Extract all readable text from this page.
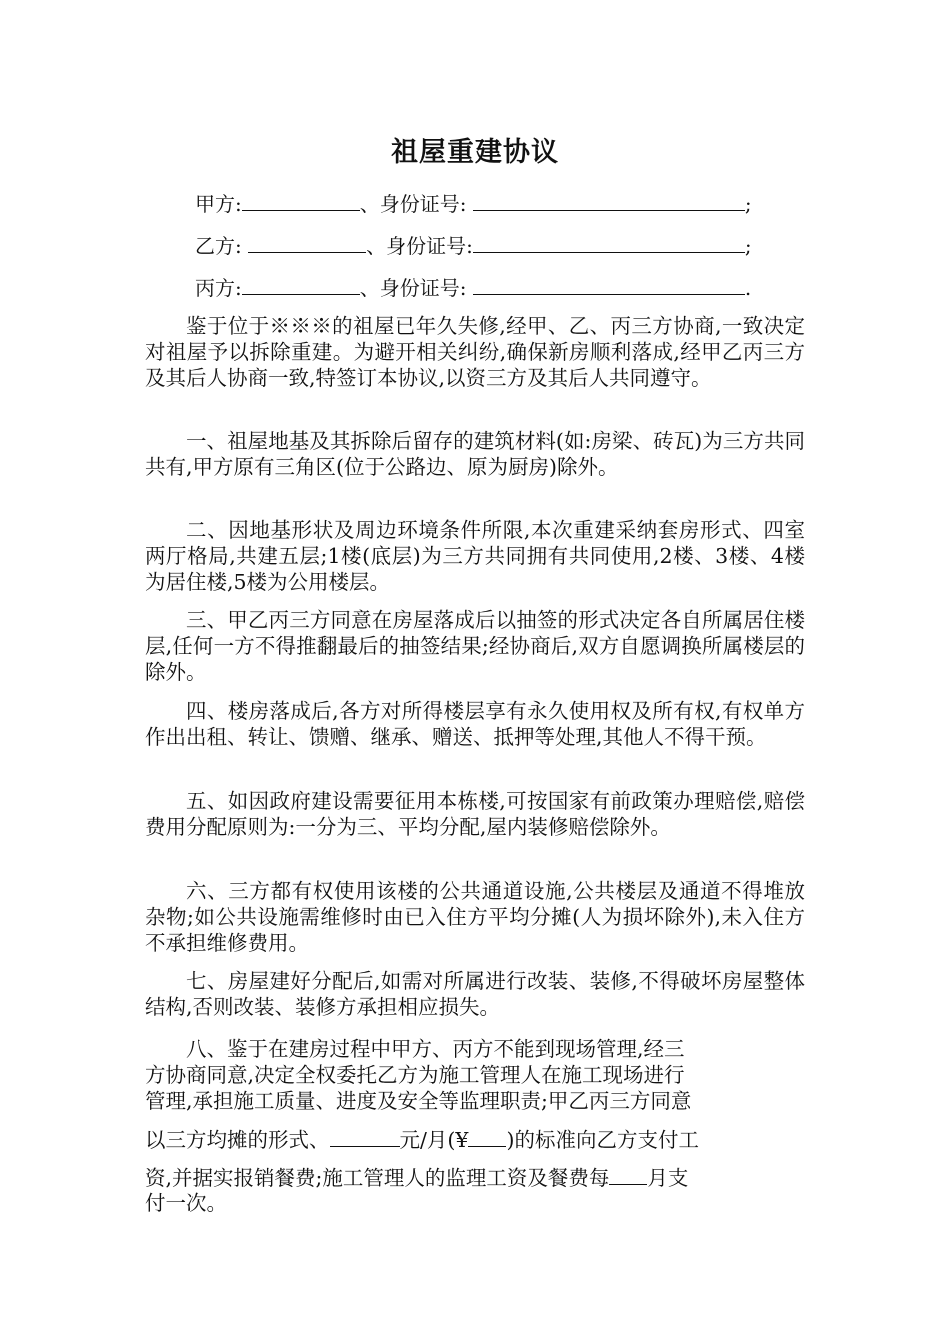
祖屋重建协议
甲方:	、身份证号:	;
乙方:	、身份证号:	;
丙方:	、身份证号:	.

鉴于位于※※※的祖屋已年久失修,经甲、乙、丙三方协商,一致决定对祖屋予以拆除重建。为避开相关纠纷,确保新房顺利落成,经甲乙丙三方及其后人协商一致,特签订本协议,以资三方及其后人共同遵守。

一、祖屋地基及其拆除后留存的建筑材料(如:房梁、砖瓦)为三方共同共有,甲方原有三角区(位于公路边、原为厨房)除外。

二、因地基形状及周边环境条件所限,本次重建采纳套房形式、四室两厅格局,共建五层;1楼(底层)为三方共同拥有共同使用,2楼、3楼、4楼为居住楼,5楼为公用楼层。

三、甲乙丙三方同意在房屋落成后以抽签的形式决定各自所属居住楼层,任何一方不得推翻最后的抽签结果;经协商后,双方自愿调换所属楼层的除外。

四、楼房落成后,各方对所得楼层享有永久使用权及所有权,有权单方作出出租、转让、馈赠、继承、赠送、抵押等处理,其他人不得干预。

五、如因政府建设需要征用本栋楼,可按国家有前政策办理赔偿,赔偿费用分配原则为:一分为三、平均分配,屋内装修赔偿除外。

六、三方都有权使用该楼的公共通道设施,公共楼层及通道不得堆放杂物;如公共设施需维修时由已入住方平均分摊(人为损坏除外),未入住方不承担维修费用。

七、房屋建好分配后,如需对所属进行改装、装修,不得破坏房屋整体结构,否则改装、装修方承担相应损失。

八、鉴于在建房过程中甲方、丙方不能到现场管理,经三
方协商同意,决定全权委托乙方为施工管理人在施工现场进行
管理,承担施工质量、进度及安全等监理职责;甲乙丙三方同意
以三方均摊的形式、	元/月(¥ )的标准向乙方支付工
资,并据实报销餐费;施工管理人的监理工资及餐费每 月支
付一次。
